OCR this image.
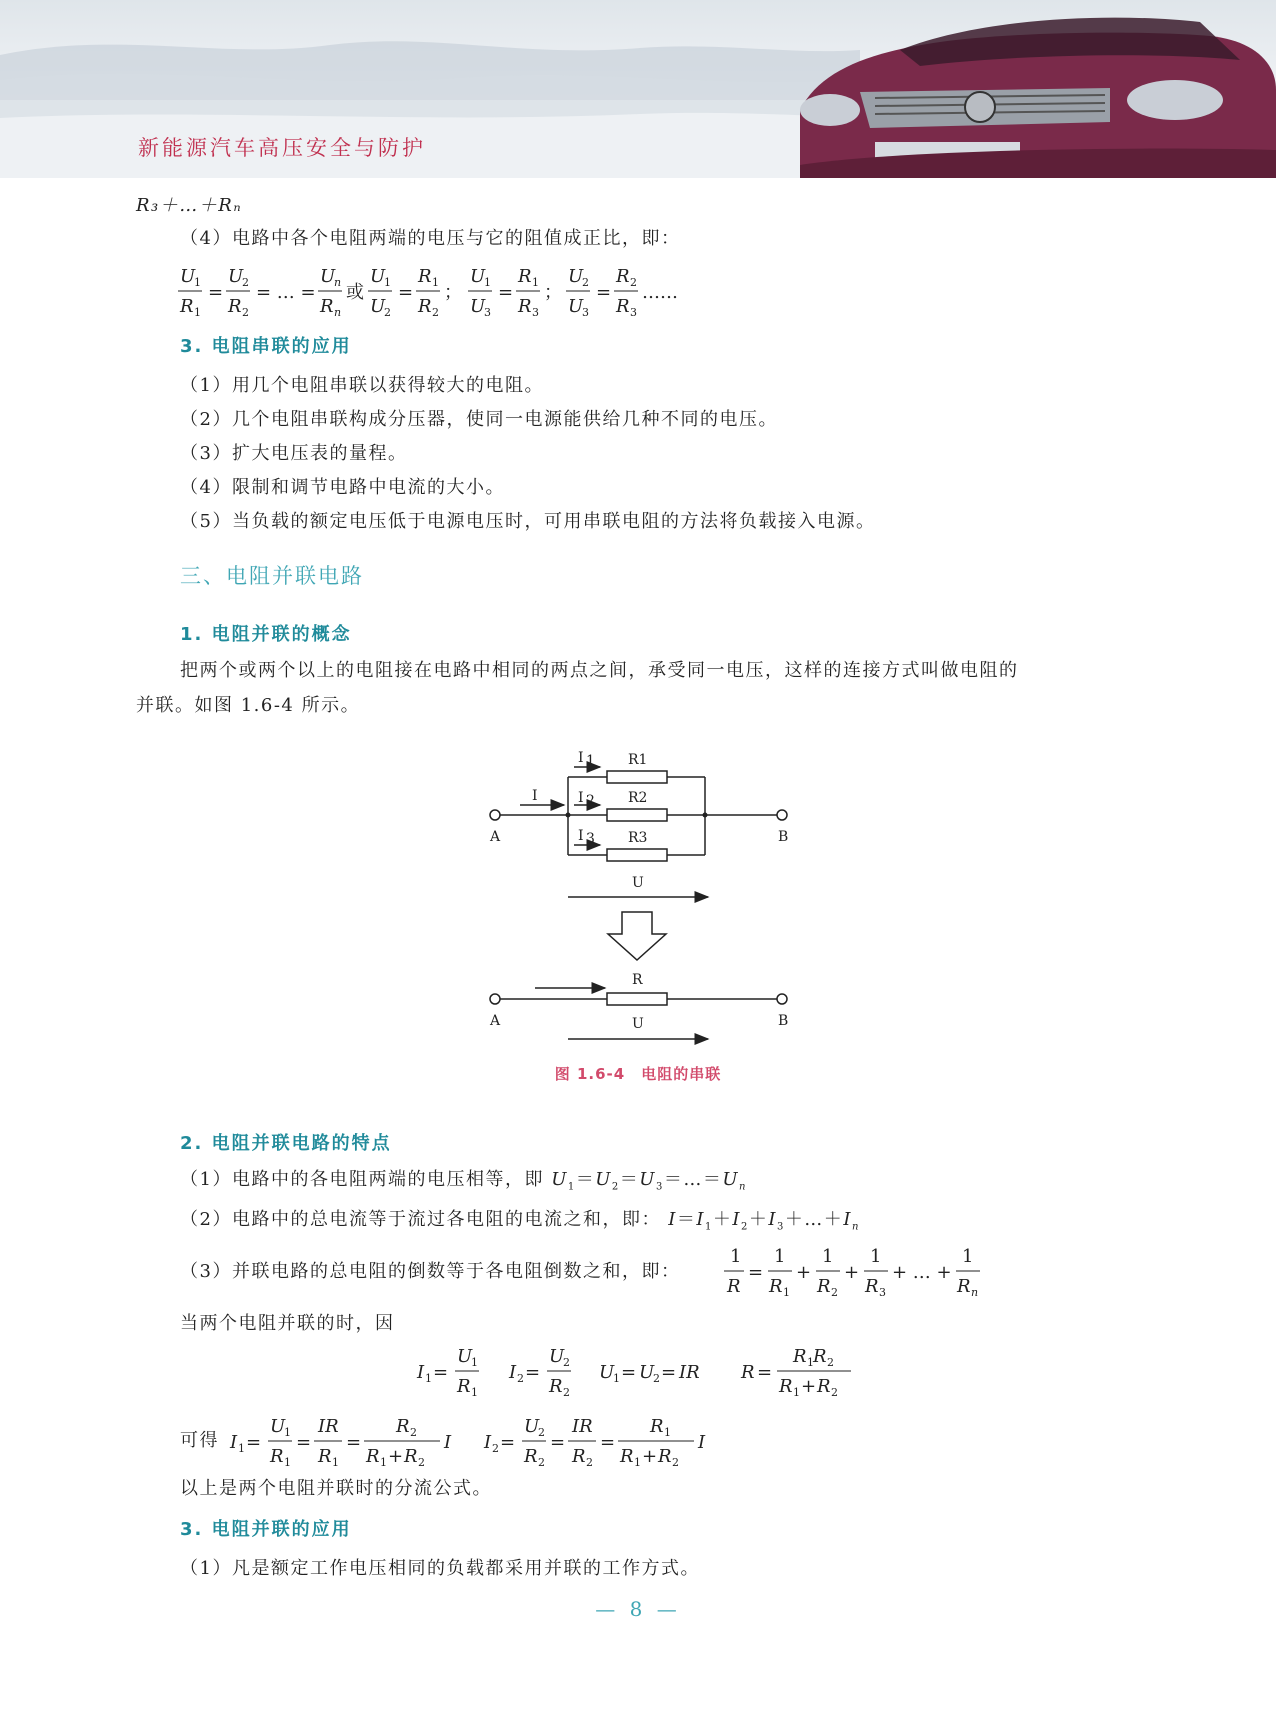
新能源汽车高压安全与防护
R₃＋…＋Rₙ
（4）电路中各个电阻两端的电压与它的阻值成正比，即：
U
1
R 1
=
U
2
R 2
= … =
U
n
R n
或
U
1
U
2
=
R 1
R 2
；
U
1
U
3
=
R 1
R 3
；
U
2
U
3
=
R 2
R 3
……
3. 电阻串联的应用
（1）用几个电阻串联以获得较大的电阻。
（2）几个电阻串联构成分压器，使同一电源能供给几种不同的电压。
（3）扩大电压表的量程。
（4）限制和调节电路中电流的大小。
（5）当负载的额定电压低于电源电压时，可用串联电阻的方法将负载接入电源。
三、电阻并联电路
1. 电阻并联的概念
把两个或两个以上的电阻接在电路中相同的两点之间，承受同一电压，这样的连接方式叫做电阻的
并联。如图 1.6-4 所示。
I
I 1
I 2
I 3
R1
R2
R3
A	B
U
R
A	B
U
图 1.6-4　电阻的串联
2. 电阻并联电路的特点
（1）电路中的各电阻两端的电压相等，即 $U_1=U_2=U_3=\dots=U_n$
（2）电路中的总电流等于流过各电阻的电流之和，即： $I=I_1+I_2+I_3+\dots+I_n$
（3）并联电路的总电阻的倒数等于各电阻倒数之和，即：
1
R
=
1
R 1
+
1
R 2
+
1
R 3
+ … +
1
R n
当两个电阻并联的时，因
I 1 =
U
1
R 1
I 2 =
U
2
R 2
U
1 = U
2 = IR R =
R 1 R 2
R 1 + R 2
可得 I 1 =
U
1
R 1
=
IR
R 1
=
R 2
R 1 + R 2
I I 2 =
U
2
R 2
=
IR
R 2
=
R 1
R 1 + R 2
I
以上是两个电阻并联时的分流公式。
3. 电阻并联的应用
（1）凡是额定工作电压相同的负载都采用并联的工作方式。
— 8 —
